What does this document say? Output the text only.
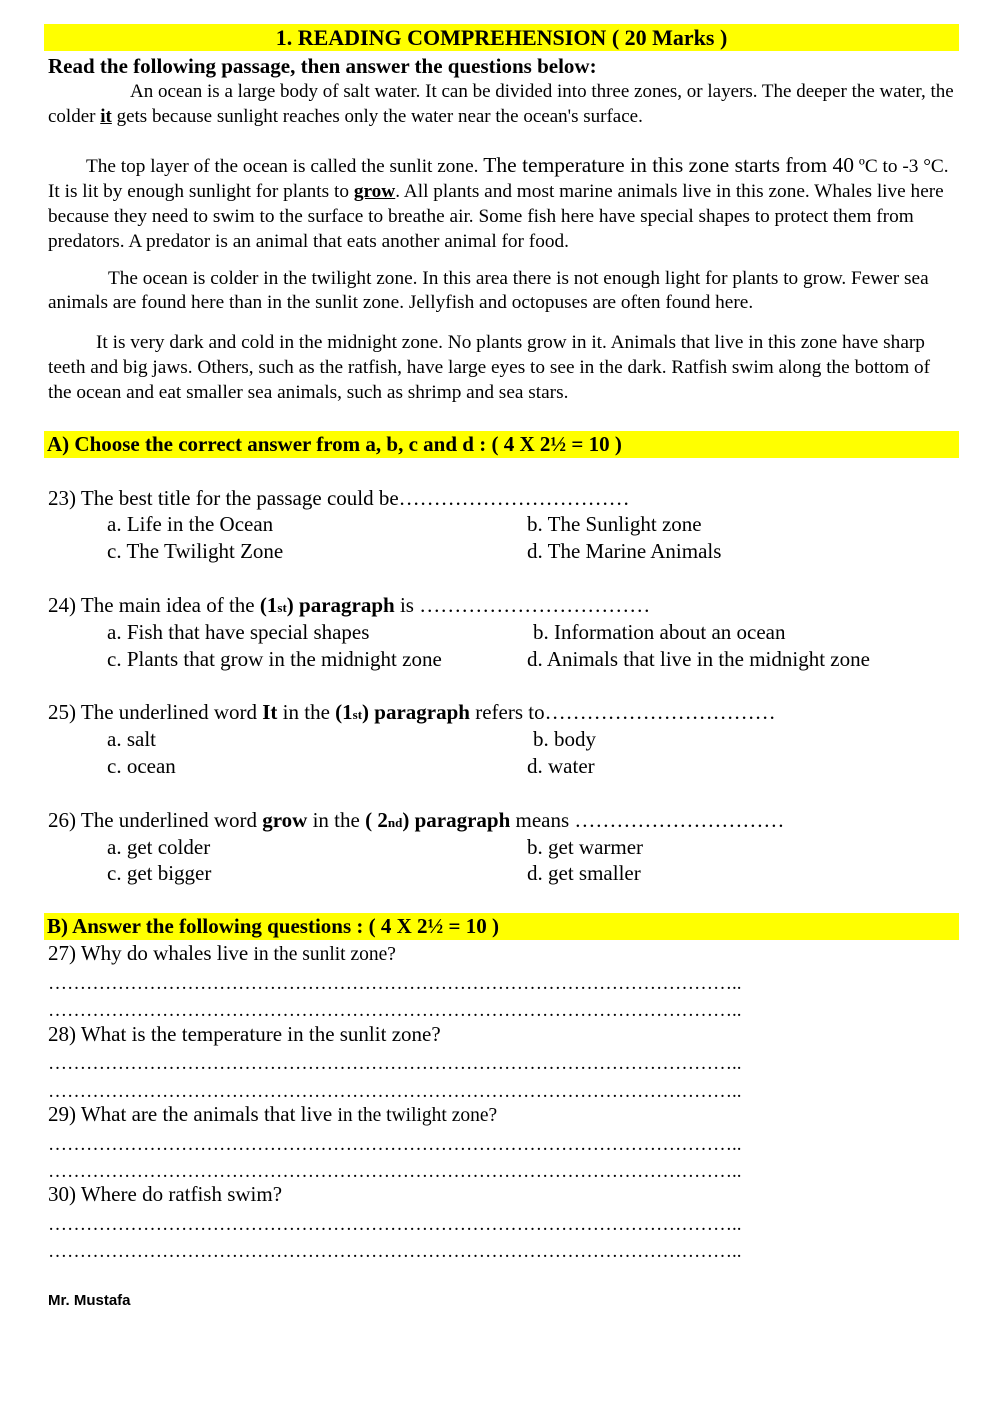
1. READING COMPREHENSION ( 20 Marks )
Read the following passage, then answer the questions below:
An ocean is a large body of salt water. It can be divided into three zones, or layers. The deeper the water, the colder it gets because sunlight reaches only the water near the ocean's surface.
The top layer of the ocean is called the sunlit zone. The temperature in this zone starts from 40 ºC to -3 °C. It is lit by enough sunlight for plants to grow. All plants and most marine animals live in this zone. Whales live here because they need to swim to the surface to breathe air. Some fish here have special shapes to protect them from predators. A predator is an animal that eats another animal for food.
The ocean is colder in the twilight zone. In this area there is not enough light for plants to grow. Fewer sea animals are found here than in the sunlit zone. Jellyfish and octopuses are often found here.
It is very dark and cold in the midnight zone. No plants grow in it. Animals that live in this zone have sharp teeth and big jaws. Others, such as the ratfish, have large eyes to see in the dark. Ratfish swim along the bottom of the ocean and eat smaller sea animals, such as shrimp and sea stars.
A) Choose the correct answer from a, b, c and d : ( 4 X 2½ = 10 )
23) The best title for the passage could be……………………………
a. Life in the Ocean	b. The Sunlight zone
c. The Twilight Zone	d. The Marine Animals
24) The main idea of the (1st) paragraph is ……………………………
a. Fish that have special shapes	b. Information about an ocean
c. Plants that grow in the midnight zone	d. Animals that live in the midnight zone
25) The underlined word It in the (1st) paragraph refers to……………………………
a. salt	b. body
c. ocean	d. water
26) The underlined word grow in the ( 2nd) paragraph means …………………………
a. get colder	b. get warmer
c. get bigger	d. get smaller
B) Answer the following questions : ( 4 X 2½ = 10 )
27) Why do whales live in the sunlit zone?
………………………………………………………………………………………………..
………………………………………………………………………………………………..
28) What is the temperature in the sunlit zone?
………………………………………………………………………………………………..
………………………………………………………………………………………………..
29) What are the animals that live in the twilight zone?
………………………………………………………………………………………………..
………………………………………………………………………………………………..
30) Where do ratfish swim?
………………………………………………………………………………………………..
………………………………………………………………………………………………..
Mr. Mustafa
